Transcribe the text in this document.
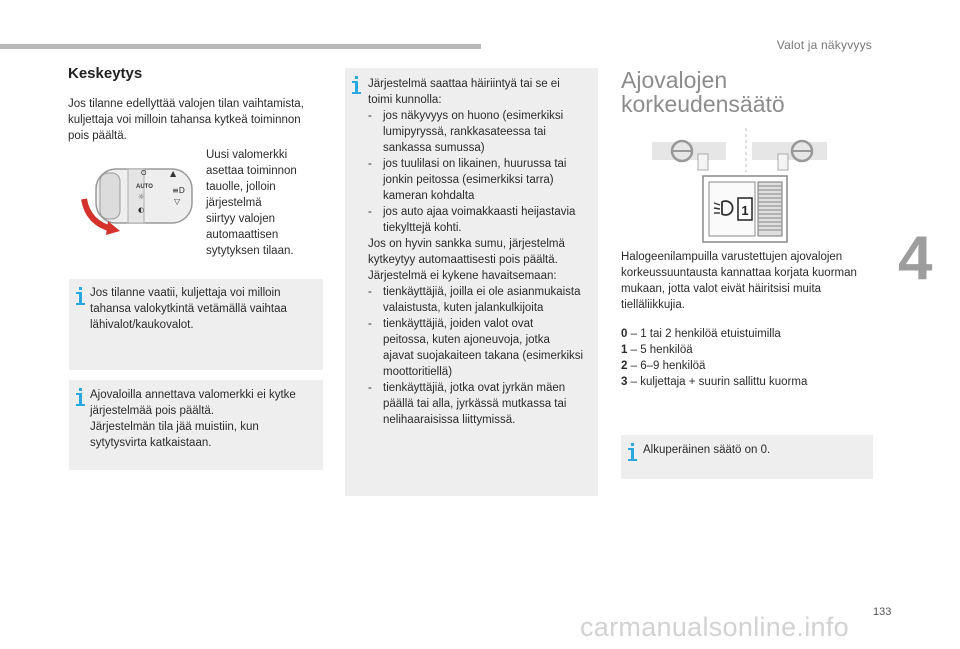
Valot ja näkyvyys
4
Keskeytys
Jos tilanne edellyttää valojen tilan vaihtamista,
kuljettaja voi milloin tahansa kytkeä toiminnon
pois päältä.
O
AUTO
☼
◐
▲
≡D
▽
Uusi valomerkki
asettaa toiminnon
tauolle, jolloin
järjestelmä
siirtyy valojen
automaattisen
sytytyksen tilaan.
Jos tilanne vaatii, kuljettaja voi milloin
tahansa valokytkintä vetämällä vaihtaa
lähivalot/kaukovalot.
Ajovaloilla annettava valomerkki ei kytke
järjestelmää pois päältä.
Järjestelmän tila jää muistiin, kun
sytytysvirta katkaistaan.
Järjestelmä saattaa häiriintyä tai se ei
toimi kunnolla:
- jos näkyvyys on huono (esimerkiksi
lumipyryssä, rankkasateessa tai
sankassa sumussa)
- jos tuulilasi on likainen, huurussa tai
jonkin peitossa (esimerkiksi tarra)
kameran kohdalta
- jos auto ajaa voimakkaasti heijastavia
tiekylttejä kohti.
Jos on hyvin sankka sumu, järjestelmä
kytkeytyy automaattisesti pois päältä.
Järjestelmä ei kykene havaitsemaan:
- tienkäyttäjiä, joilla ei ole asianmukaista
valaistusta, kuten jalankulkijoita
- tienkäyttäjiä, joiden valot ovat
peitossa, kuten ajoneuvoja, jotka
ajavat suojakaiteen takana (esimerkiksi
moottoritiellä)
- tienkäyttäjiä, jotka ovat jyrkän mäen
päällä tai alla, jyrkässä mutkassa tai
nelihaaraisissa liittymissä.
Ajovalojen
korkeudensäätö
1
Halogeenilampuilla varustettujen ajovalojen
korkeussuuntausta kannattaa korjata kuorman
mukaan, jotta valot eivät häiritsisi muita
tielläliikkujia.
0 – 1 tai 2 henkilöä etuistuimilla
1 – 5 henkilöä
2 – 6–9 henkilöä
3 – kuljettaja + suurin sallittu kuorma
Alkuperäinen säätö on 0.
133
carmanualsonline.info
